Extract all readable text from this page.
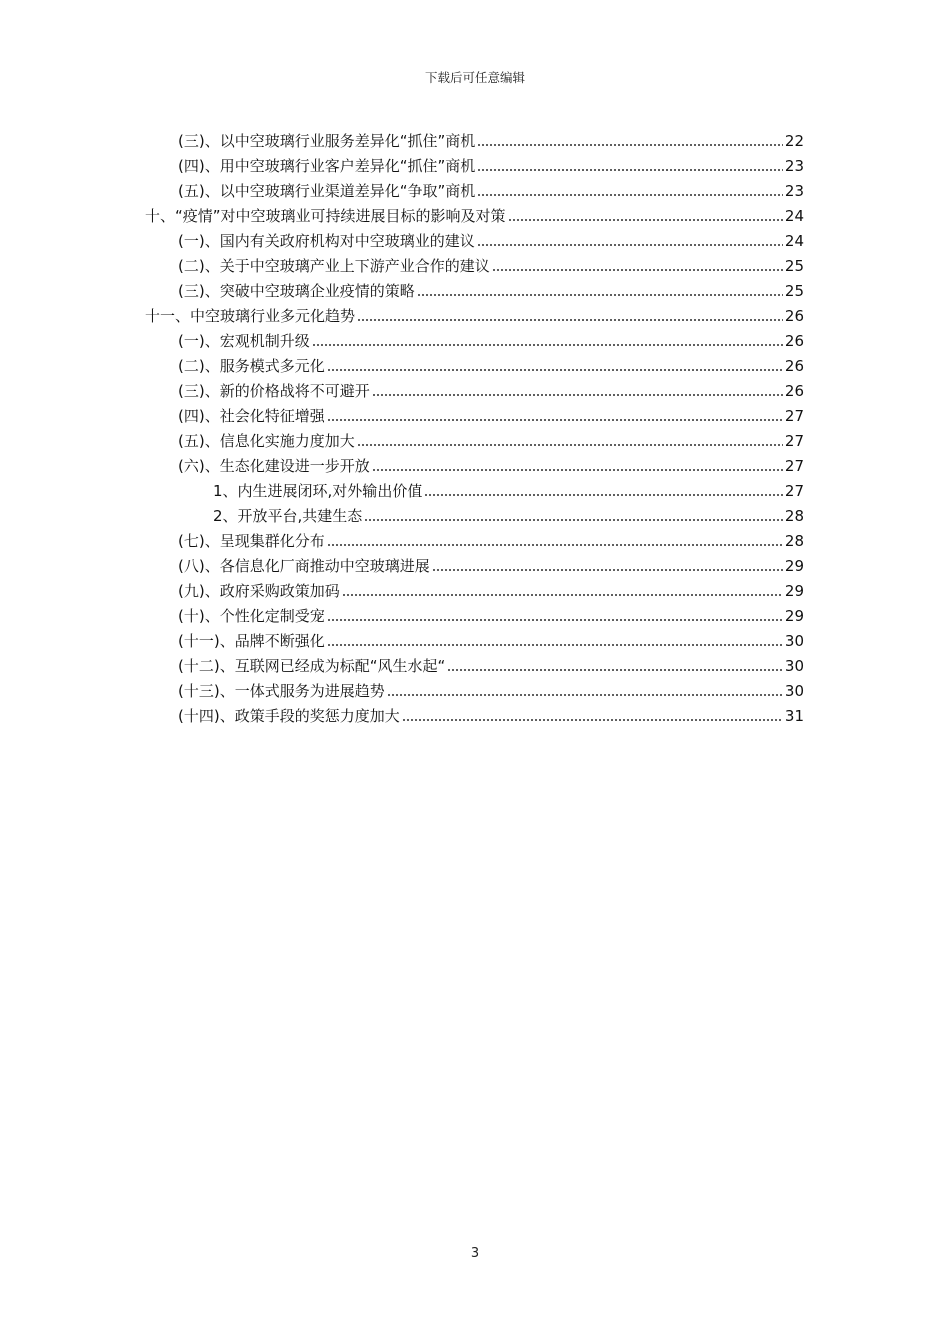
下载后可任意编辑
(三)、以中空玻璃行业服务差异化“抓住”商机	22
(四)、用中空玻璃行业客户差异化“抓住”商机	23
(五)、以中空玻璃行业渠道差异化“争取”商机	23
十、“疫情”对中空玻璃业可持续进展目标的影响及对策	24
(一)、国内有关政府机构对中空玻璃业的建议	24
(二)、关于中空玻璃产业上下游产业合作的建议	25
(三)、突破中空玻璃企业疫情的策略	25
十一、中空玻璃行业多元化趋势	26
(一)、宏观机制升级	26
(二)、服务模式多元化	26
(三)、新的价格战将不可避开	26
(四)、社会化特征增强	27
(五)、信息化实施力度加大	27
(六)、生态化建设进一步开放	27
1、内生进展闭环,对外输出价值	27
2、开放平台,共建生态	28
(七)、呈现集群化分布	28
(八)、各信息化厂商推动中空玻璃进展	29
(九)、政府采购政策加码	29
(十)、个性化定制受宠	29
(十一)、品牌不断强化	30
(十二)、互联网已经成为标配“风生水起“	30
(十三)、一体式服务为进展趋势	30
(十四)、政策手段的奖惩力度加大	31
3
